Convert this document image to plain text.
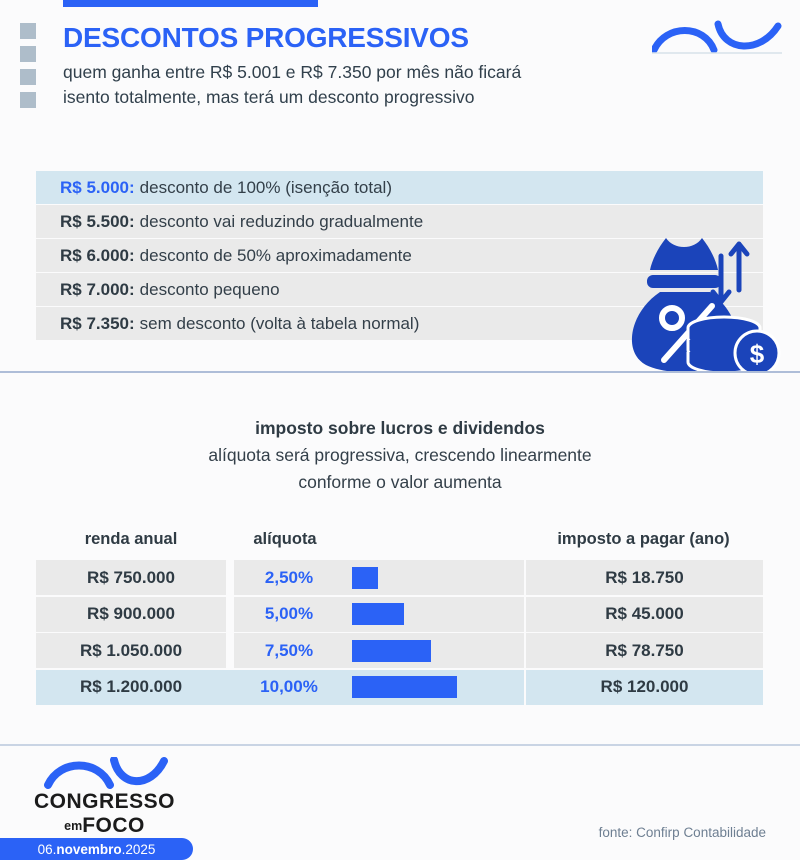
DESCONTOS PROGRESSIVOS
quem ganha entre R$ 5.001 e R$ 7.350 por mês não ficará
isento totalmente, mas terá um desconto progressivo
R$ 5.000: desconto de 100% (isenção total)
R$ 5.500: desconto vai reduzindo gradualmente
R$ 6.000: desconto de 50% aproximadamente
R$ 7.000: desconto pequeno
R$ 7.350: sem desconto (volta à tabela normal)
$
imposto sobre lucros e dividendos
alíquota será progressiva, crescendo linearmente
conforme o valor aumenta
renda anual	alíquota	imposto a pagar (ano)
R$ 750.000	2,50%	R$ 18.750
R$ 900.000	5,00%	R$ 45.000
R$ 1.050.000	7,50%	R$ 78.750
R$ 1.200.000	10,00%	R$ 120.000
CONGRESSO
emFOCO
06. novembro .2025
fonte: Confirp Contabilidade
